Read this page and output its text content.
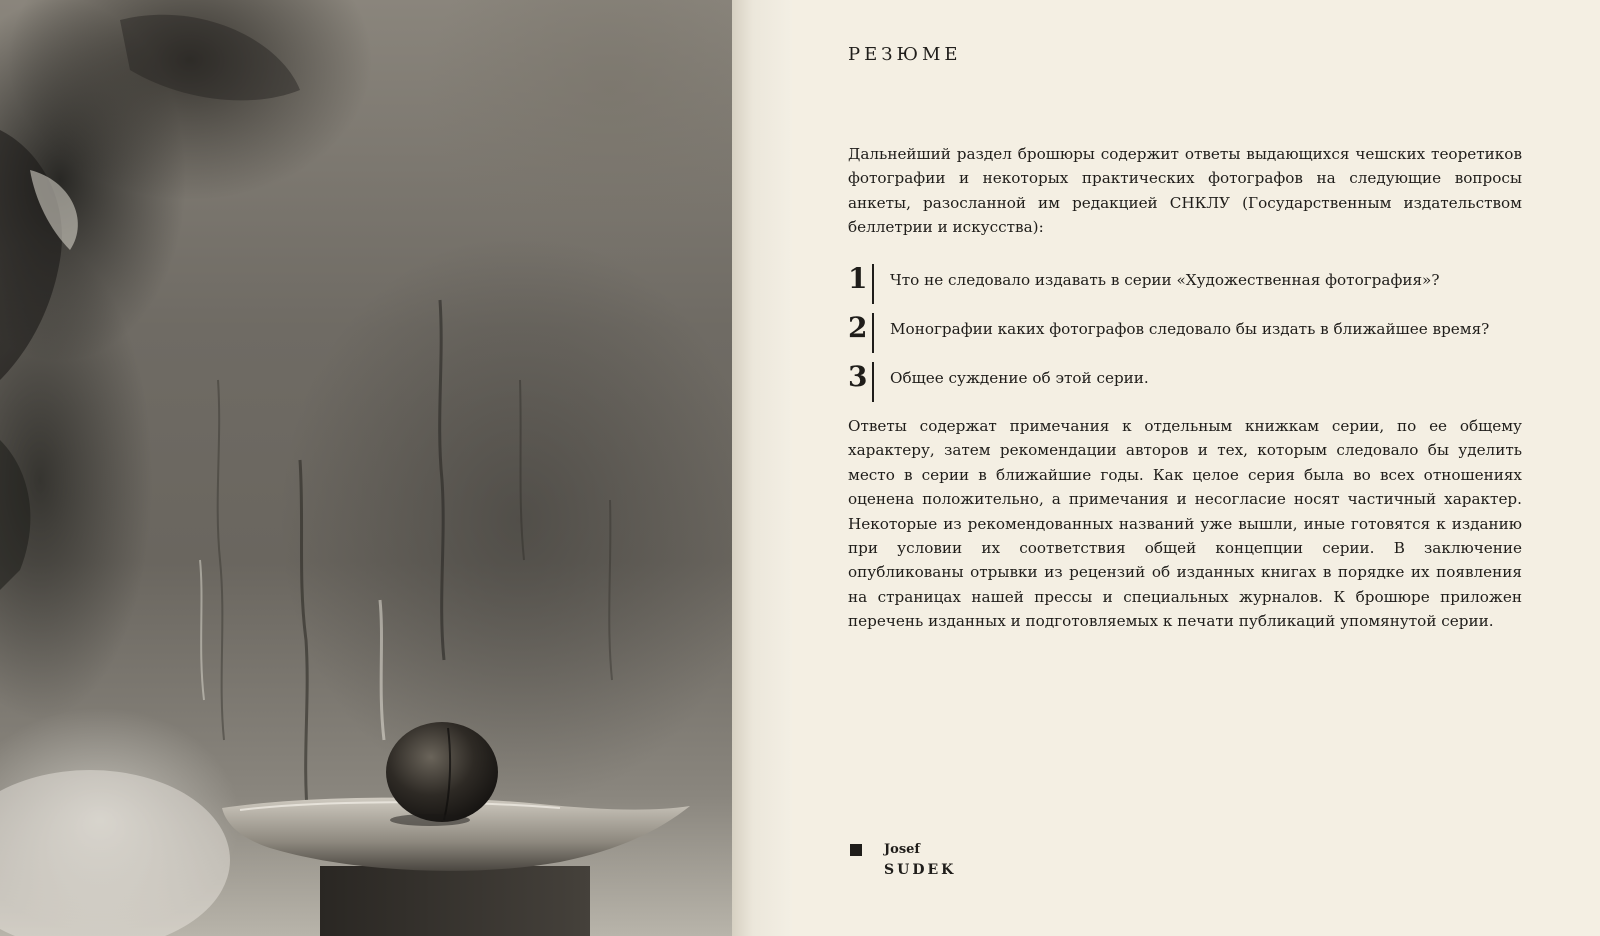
РЕЗЮМЕ

Дальнейший раздел брошюры содержит ответы выдающихся чешских теоретиков фотографии и некоторых практических фотографов на следующие вопросы анкеты, разосланной им редакцией СНКЛУ (Государственным издательством беллетрии и искусства):

1 Что не следовало издавать в серии «Художественная фотография»?
2 Монографии каких фотографов следовало бы издать в ближайшее время?
3 Общее суждение об этой серии.

Ответы содержат примечания к отдельным книжкам серии, по ее общему характеру, затем рекомендации авторов и тех, которым следовало бы уделить место в серии в ближайшие годы. Как целое серия была во всех отношениях оценена положительно, а примечания и несогласие носят частичный характер. Некоторые из рекомендованных названий уже вышли, иные готовятся к изданию при условии их соответствия общей концепции серии. В заключение опубликованы отрывки из рецензий об изданных книгах в порядке их появления на страницах нашей прессы и специальных журналов. К брошюре приложен перечень изданных и подготовляемых к печати публикаций упомянутой серии.

Josef
SUDEK
